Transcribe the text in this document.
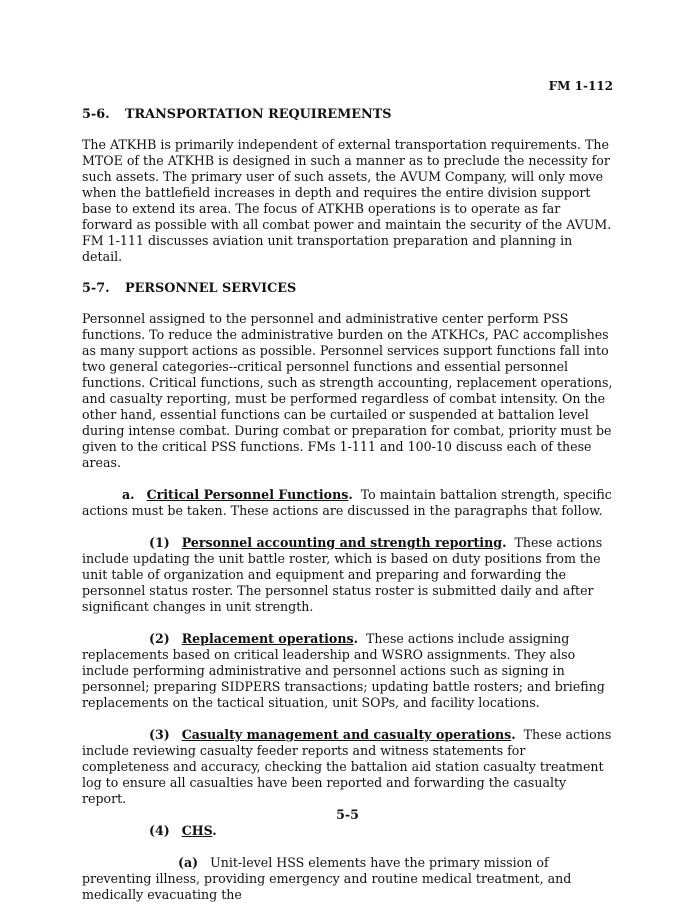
FM 1-112
5-6. TRANSPORTATION REQUIREMENTS

The ATKHB is primarily independent of external transportation requirements. The MTOE of the ATKHB is designed in such a manner as to preclude the necessity for such assets. The primary user of such assets, the AVUM Company, will only move when the battlefield increases in depth and requires the entire division support base to extend its area. The focus of ATKHB operations is to operate as far forward as possible with all combat power and maintain the security of the AVUM. FM 1-111 discusses aviation unit transportation preparation and planning in detail.

5-7. PERSONNEL SERVICES

Personnel assigned to the personnel and administrative center perform PSS functions. To reduce the administrative burden on the ATKHCs, PAC accomplishes as many support actions as possible. Personnel services support functions fall into two general categories--critical personnel functions and essential personnel functions. Critical functions, such as strength accounting, replacement operations, and casualty reporting, must be performed regardless of combat intensity. On the other hand, essential functions can be curtailed or suspended at battalion level during intense combat. During combat or preparation for combat, priority must be given to the critical PSS functions. FMs 1-111 and 100-10 discuss each of these areas.

a. Critical Personnel Functions. To maintain battalion strength, specific actions must be taken. These actions are discussed in the paragraphs that follow.

(1) Personnel accounting and strength reporting. These actions include updating the unit battle roster, which is based on duty positions from the unit table of organization and equipment and preparing and forwarding the personnel status roster. The personnel status roster is submitted daily and after significant changes in unit strength.

(2) Replacement operations. These actions include assigning replacements based on critical leadership and WSRO assignments. They also include performing administrative and personnel actions such as signing in personnel; preparing SIDPERS transactions; updating battle rosters; and briefing replacements on the tactical situation, unit SOPs, and facility locations.

(3) Casualty management and casualty operations. These actions include reviewing casualty feeder reports and witness statements for completeness and accuracy, checking the battalion aid station casualty treatment log to ensure all casualties have been reported and forwarding the casualty report.

(4) CHS.

(a) Unit-level HSS elements have the primary mission of preventing illness, providing emergency and routine medical treatment, and medically evacuating the

5-5
